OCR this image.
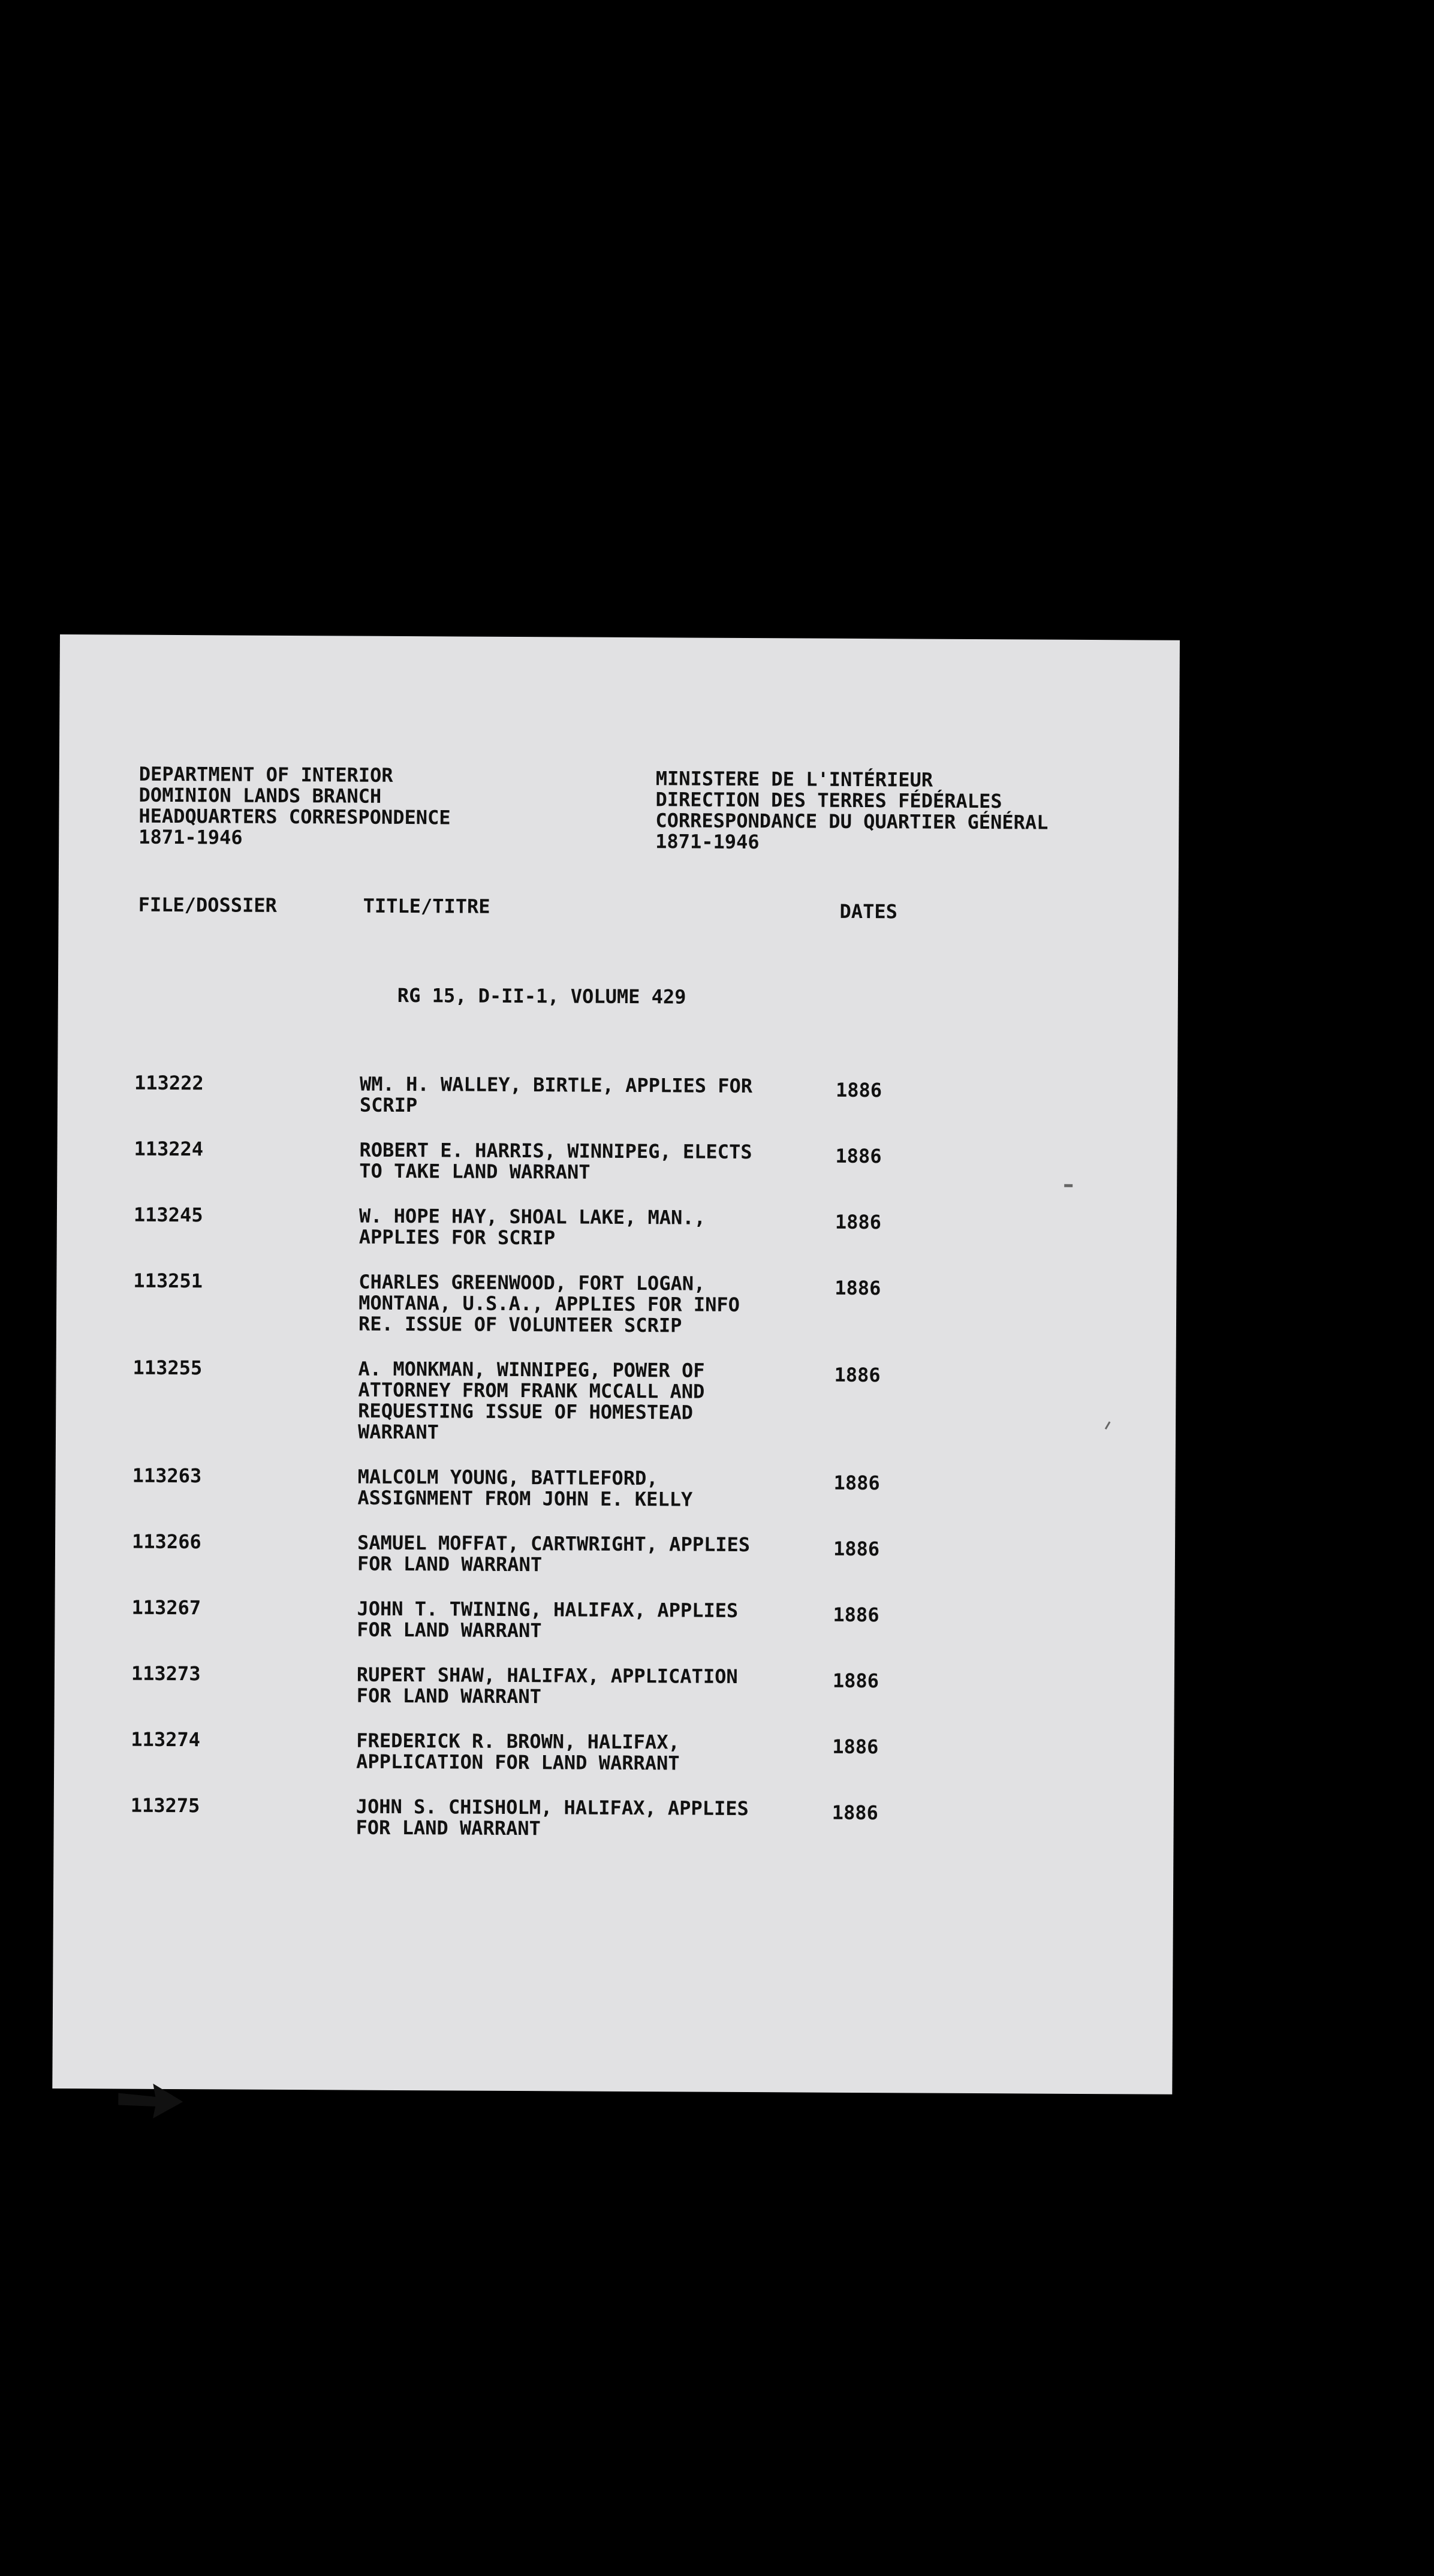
DEPARTMENT OF INTERIOR
DOMINION LANDS BRANCH
HEADQUARTERS CORRESPONDENCE
1871-1946
MINISTERE DE L'INTÉRIEUR
DIRECTION DES TERRES FÉDÉRALES
CORRESPONDANCE DU QUARTIER GÉNÉRAL
1871-1946
FILE/DOSSIER	TITLE/TITRE	DATES
RG 15, D-II-1, VOLUME 429
113222	WM. H. WALLEY, BIRTLE, APPLIES FOR
SCRIP
1886
113224	ROBERT E. HARRIS, WINNIPEG, ELECTS
TO TAKE LAND WARRANT
1886
113245	W. HOPE HAY, SHOAL LAKE, MAN.,
APPLIES FOR SCRIP
1886
113251	CHARLES GREENWOOD, FORT LOGAN,
MONTANA, U.S.A., APPLIES FOR INFO
RE. ISSUE OF VOLUNTEER SCRIP
1886
113255	A. MONKMAN, WINNIPEG, POWER OF
ATTORNEY FROM FRANK MCCALL AND
REQUESTING ISSUE OF HOMESTEAD
WARRANT
1886
113263	MALCOLM YOUNG, BATTLEFORD,
ASSIGNMENT FROM JOHN E. KELLY
1886
113266	SAMUEL MOFFAT, CARTWRIGHT, APPLIES
FOR LAND WARRANT
1886
113267	JOHN T. TWINING, HALIFAX, APPLIES
FOR LAND WARRANT
1886
113273	RUPERT SHAW, HALIFAX, APPLICATION
FOR LAND WARRANT
1886
113274	FREDERICK R. BROWN, HALIFAX,
APPLICATION FOR LAND WARRANT
1886
113275	JOHN S. CHISHOLM, HALIFAX, APPLIES
FOR LAND WARRANT
1886
